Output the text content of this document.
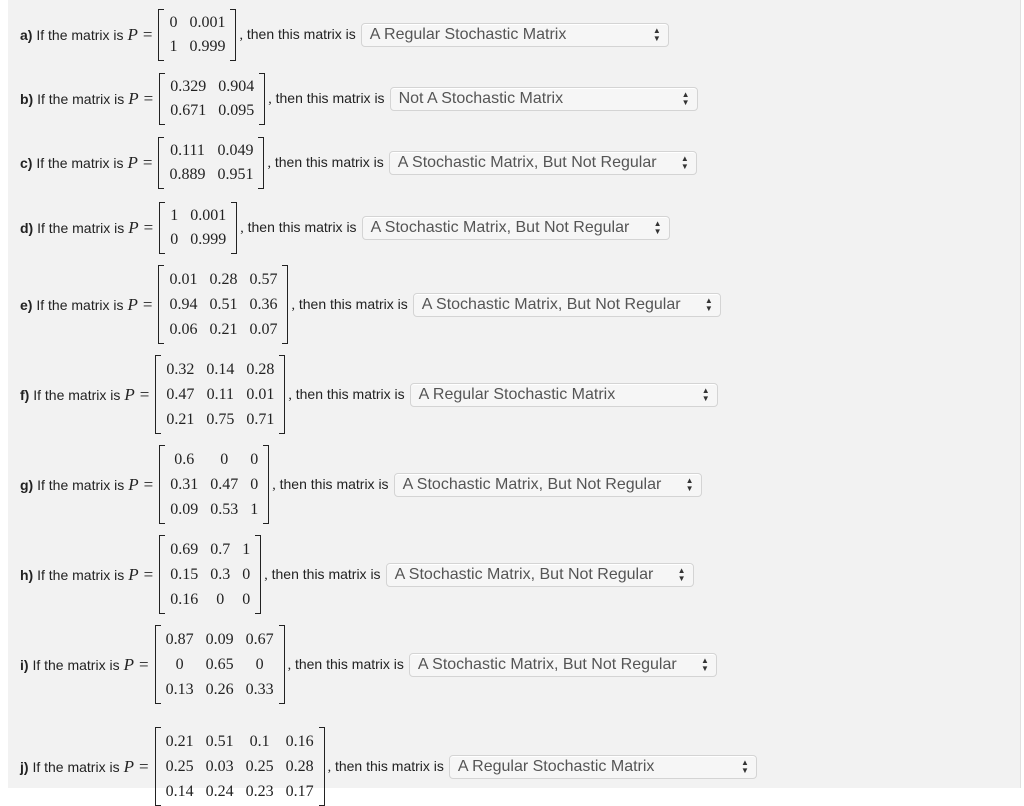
a) If the matrix is P =
0	0.001
1	0.999
, then this matrix is A Regular Stochastic Matrix	▲
▼
b) If the matrix is P =
0.329	0.904
0.671	0.095
, then this matrix is Not A Stochastic Matrix	▲
▼
c) If the matrix is P =
0.111	0.049
0.889	0.951
, then this matrix is A Stochastic Matrix, But Not Regular	▲
▼
d) If the matrix is P =
1	0.001
0	0.999
, then this matrix is A Stochastic Matrix, But Not Regular	▲
▼
e) If the matrix is P =
0.01	0.28	0.57
0.94	0.51	0.36
0.06	0.21	0.07
, then this matrix is A Stochastic Matrix, But Not Regular	▲
▼
f) If the matrix is P =
0.32	0.14	0.28
0.47	0.11	0.01
0.21	0.75	0.71
, then this matrix is A Regular Stochastic Matrix	▲
▼
g) If the matrix is P =
0.6	0	0
0.31	0.47	0
0.09	0.53	1
, then this matrix is A Stochastic Matrix, But Not Regular	▲
▼
h) If the matrix is P =
0.69	0.7	1
0.15	0.3	0
0.16	0	0
, then this matrix is A Stochastic Matrix, But Not Regular	▲
▼
i) If the matrix is P =
0.87	0.09	0.67
0	0.65	0
0.13	0.26	0.33
, then this matrix is A Stochastic Matrix, But Not Regular	▲
▼
j) If the matrix is P =
0.21	0.51	0.1	0.16
0.25	0.03	0.25	0.28
0.14	0.24	0.23	0.17
, then this matrix is A Regular Stochastic Matrix	▲
▼
